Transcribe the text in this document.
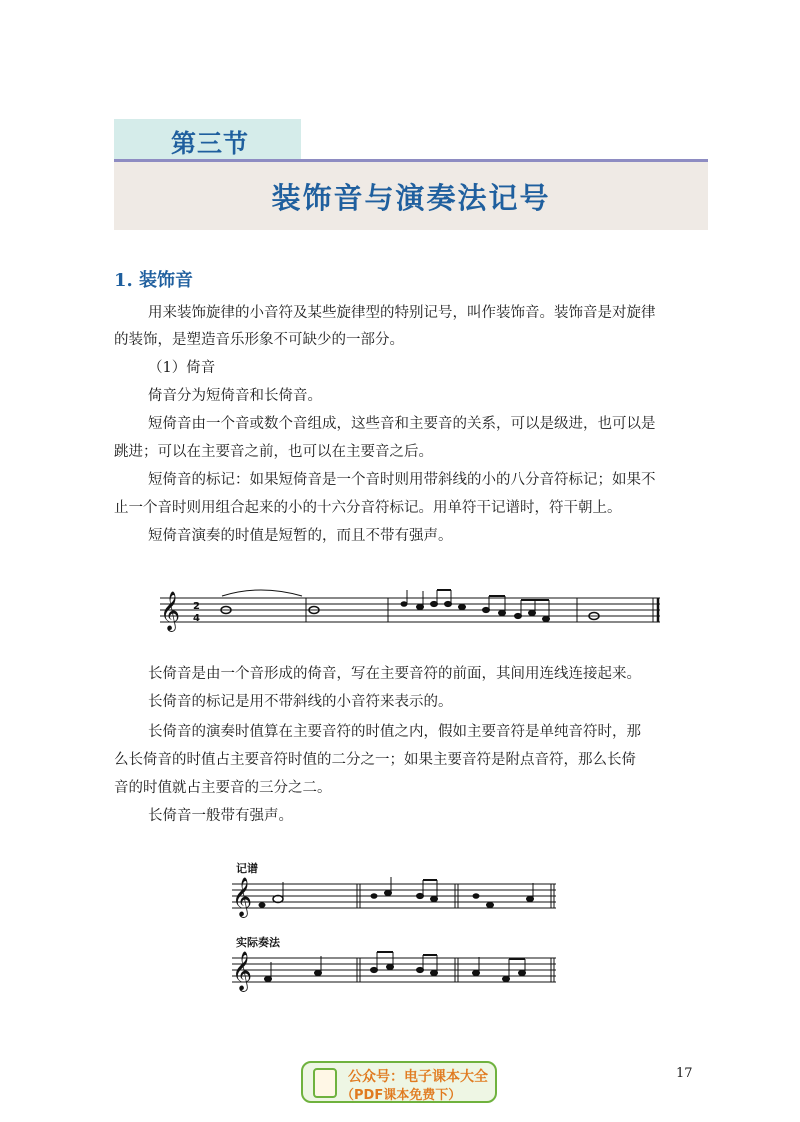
第三节
装饰音与演奏法记号
1. 装饰音
用来装饰旋律的小音符及某些旋律型的特别记号，叫作装饰音。装饰音是对旋律
的装饰，是塑造音乐形象不可缺少的一部分。
（1）倚音
倚音分为短倚音和长倚音。
短倚音由一个音或数个音组成，这些音和主要音的关系，可以是级进，也可以是
跳进；可以在主要音之前，也可以在主要音之后。
短倚音的标记：如果短倚音是一个音时则用带斜线的小的八分音符标记；如果不
止一个音时则用组合起来的小的十六分音符标记。用单符干记谱时，符干朝上。
短倚音演奏的时值是短暂的，而且不带有强声。
长倚音是由一个音形成的倚音，写在主要音符的前面，其间用连线连接起来。
长倚音的标记是用不带斜线的小音符来表示的。
长倚音的演奏时值算在主要音符的时值之内，假如主要音符是单纯音符时，那
么长倚音的时值占主要音符时值的二分之一；如果主要音符是附点音符，那么长倚
音的时值就占主要音的三分之二。
长倚音一般带有强声。
𝄞
𝄞
𝄞
2
4
记谱
实际奏法
公众号：电子课本大全
（PDF课本免费下）
17
